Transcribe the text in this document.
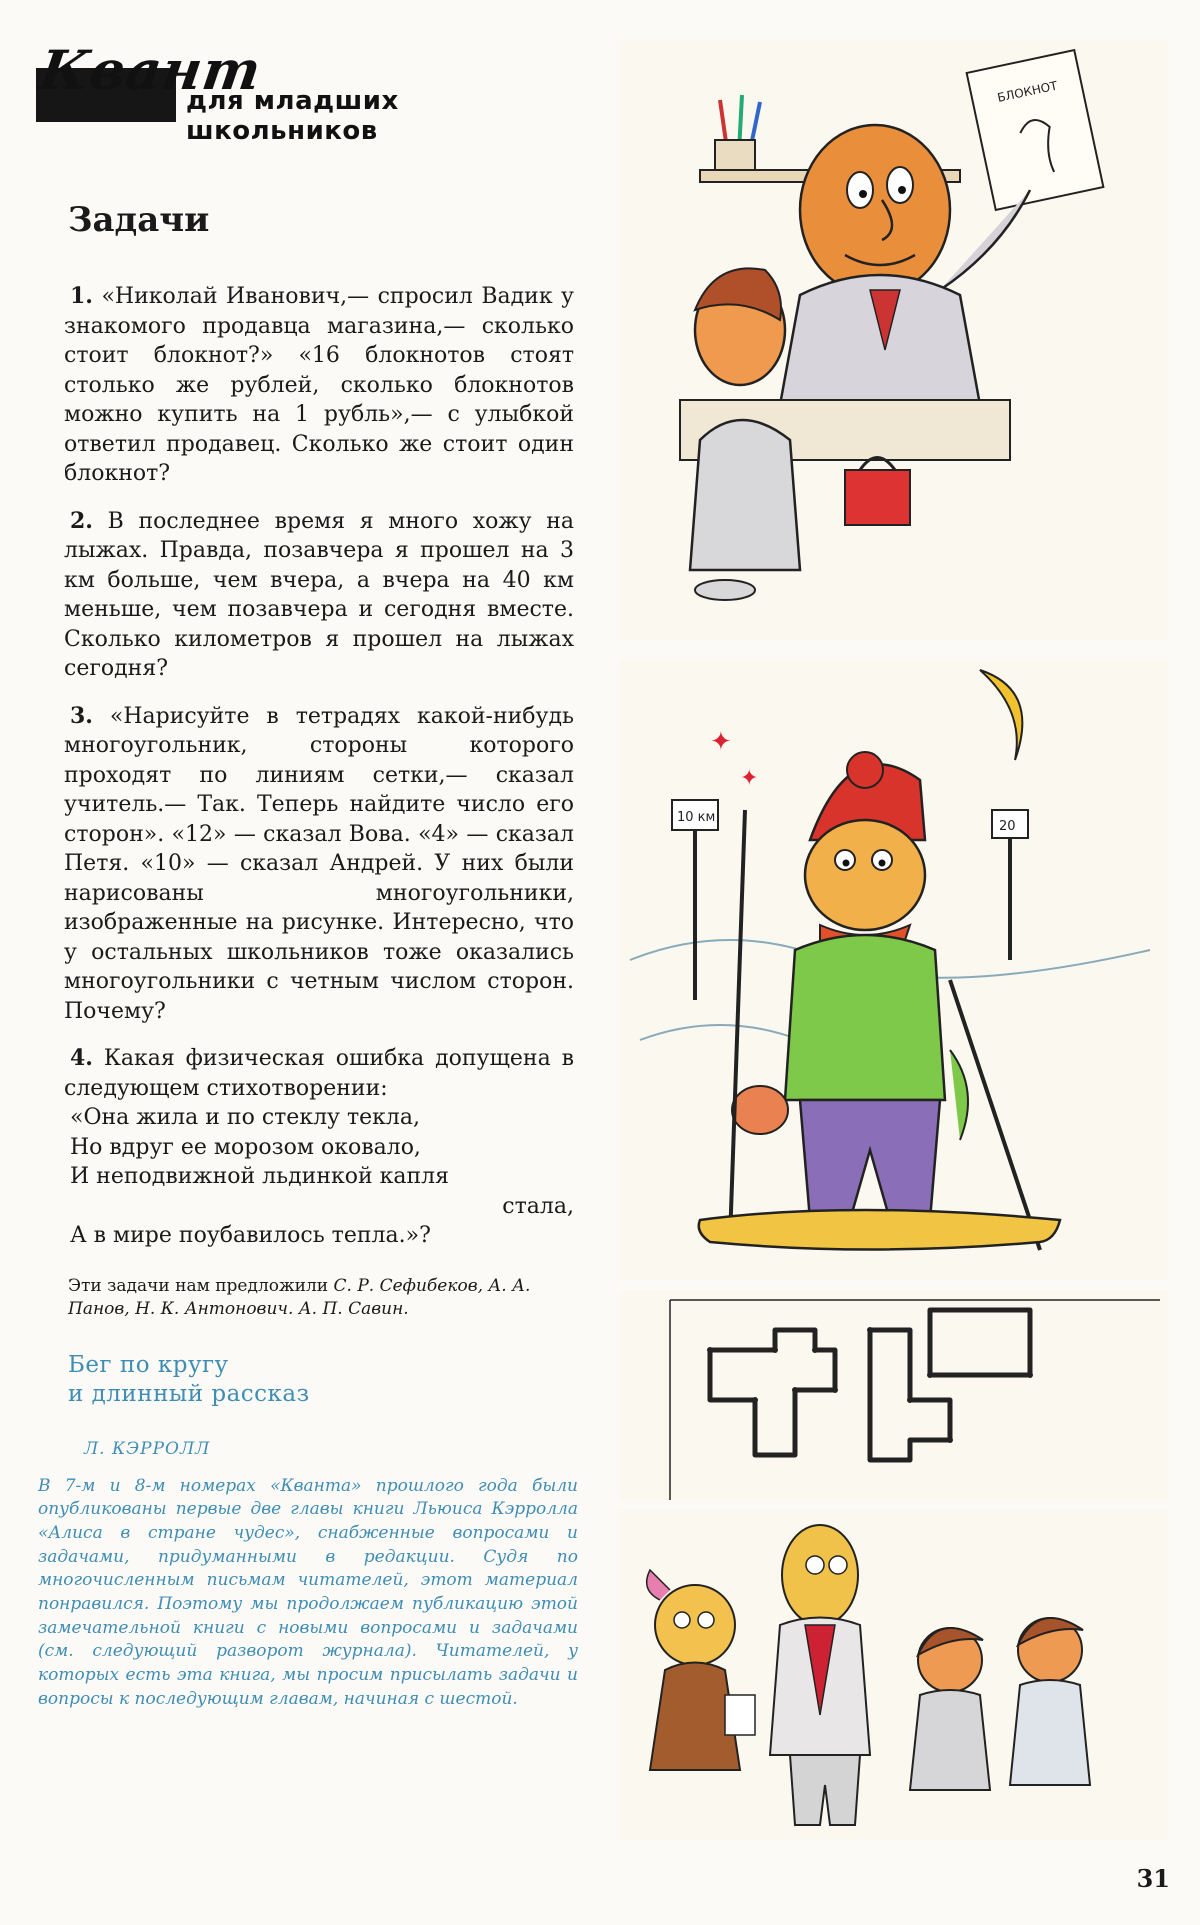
Квант
для младших школьников
Задачи

1. «Николай Иванович,— спросил Вадик у знакомого продавца магазина,— сколько стоит блокнот?» «16 блокнотов стоят столько же рублей, сколько блокнотов можно купить на 1 рубль»,— с улыбкой ответил продавец. Сколько же стоит один блокнот?

2. В последнее время я много хожу на лыжах. Правда, позавчера я прошел на 3 км больше, чем вчера, а вчера на 40 км меньше, чем позавчера и сегодня вместе. Сколько километров я прошел на лыжах сегодня?

3. «Нарисуйте в тетрадях какой-нибудь многоугольник, стороны которого проходят по линиям сетки,— сказал учитель.— Так. Теперь найдите число его сторон». «12» — сказал Вова. «4» — сказал Петя. «10» — сказал Андрей. У них были нарисованы многоугольники, изображенные на рисунке. Интересно, что у остальных школьников тоже оказались многоугольники с четным числом сторон. Почему?

4. Какая физическая ошибка допущена в следующем стихотворении:

«Она жила и по стеклу текла,
Но вдруг ее морозом оковало,
И неподвижной льдинкой капля
стала,
А в мире поубавилось тепла.»?

Эти задачи нам предложили С. Р. Сефибеков, А. А. Панов, Н. К. Антонович. А. П. Савин.

Бег по кругу
и длинный рассказ
Л. КЭРРОЛЛ
В 7-м и 8-м номерах «Кванта» прошлого года были опубликованы первые две главы книги Льюиса Кэрролла «Алиса в стране чудес», снабженные вопросами и задачами, придуманными в редакции. Судя по многочисленным письмам читателей, этот материал понравился. Поэтому мы продолжаем публикацию этой замечательной книги с новыми вопросами и задачами (см. следующий разворот журнала). Читателей, у которых есть эта книга, мы просим присылать задачи и вопросы к последующим главам, начиная с шестой.
БЛОКНОТ
✦
✦
10 км
20
31
